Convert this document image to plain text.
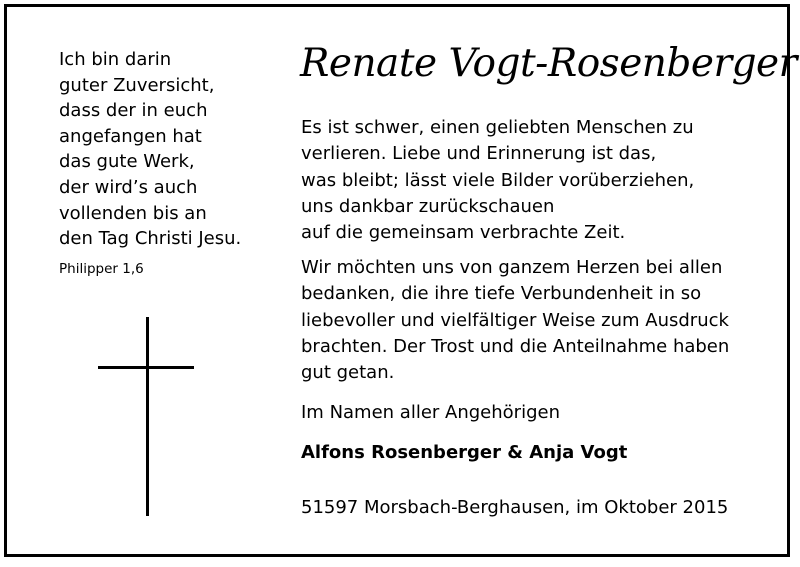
Ich bin darin
guter Zuversicht,
dass der in euch
angefangen hat
das gute Werk,
der wird’s auch
vollenden bis an
den Tag Christi Jesu.
Philipper 1,6
Renate Vogt-Rosenberger
Es ist schwer, einen geliebten Menschen zu
verlieren. Liebe und Erinnerung ist das,
was bleibt; lässt viele Bilder vorüberziehen,
uns dankbar zurückschauen
auf die gemeinsam verbrachte Zeit.
Wir möchten uns von ganzem Herzen bei allen
bedanken, die ihre tiefe Verbundenheit in so
liebevoller und vielfältiger Weise zum Ausdruck
brachten. Der Trost und die Anteilnahme haben
gut getan.
Im Namen aller Angehörigen
Alfons Rosenberger & Anja Vogt
51597 Morsbach-Berghausen, im Oktober 2015
